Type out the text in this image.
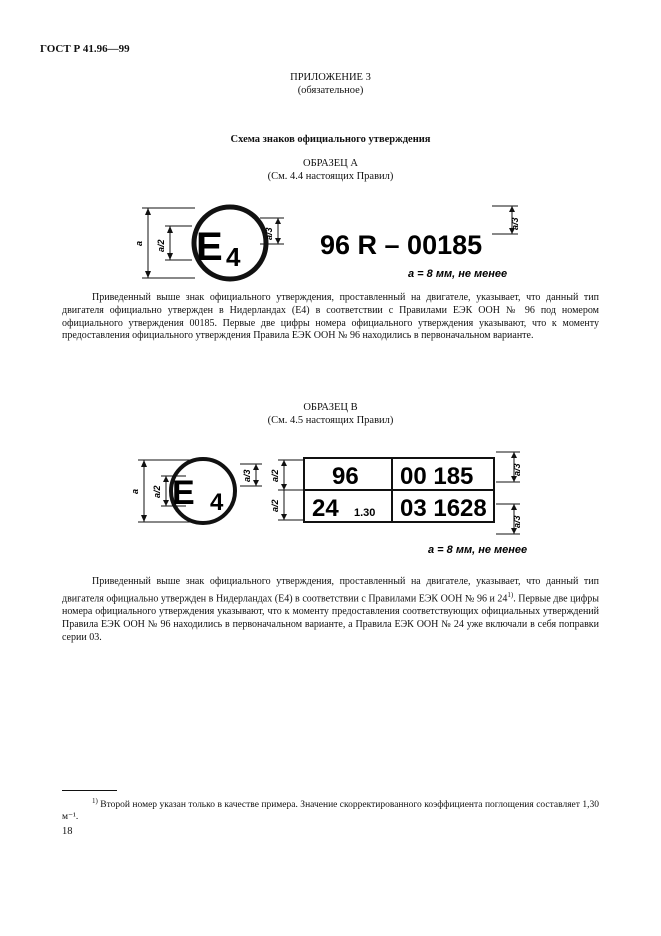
ГОСТ Р 41.96—99
ПРИЛОЖЕНИЕ 3
(обязательное)
Схема знаков официального утверждения
ОБРАЗЕЦ А
(См. 4.4 настоящих Правил)
E 4
a a/2
a/3 96 R – 00185
a/3
a = 8 мм, не менее
Приведенный выше знак официального утверждения, проставленный на двигателе, указывает, что данный тип двигателя официально утвержден в Нидерландах (E4) в соответствии с Правилами ЕЭК ООН № 96 под номером официального утверждения 00185. Первые две цифры номера официального утверждения указывают, что к моменту предоставления официального утверждения Правила ЕЭК ООН № 96 находились в первоначальном варианте.
ОБРАЗЕЦ В
(См. 4.5 настоящих Правил)
E 4
a a/2
a/3 a/2
a/2
a/3
a/3
96 00 185
24 1.30 03 1628
a = 8 мм, не менее
Приведенный выше знак официального утверждения, проставленный на двигателе, указывает, что данный тип двигателя официально утвержден в Нидерландах (E4) в соответствии с Правилами ЕЭК ООН № 96 и 24$^{1)}$. Первые две цифры номера официального утверждения указывают, что к моменту предоставления соответствующих официальных утверждений Правила ЕЭК ООН № 96 находились в первоначальном варианте, а Правила ЕЭК ООН № 24 уже включали в себя поправки серии 03.
$^{1)}$ Второй номер указан только в качестве примера. Значение скорректированного коэффициента поглощения составляет 1,30 м⁻¹.
18
